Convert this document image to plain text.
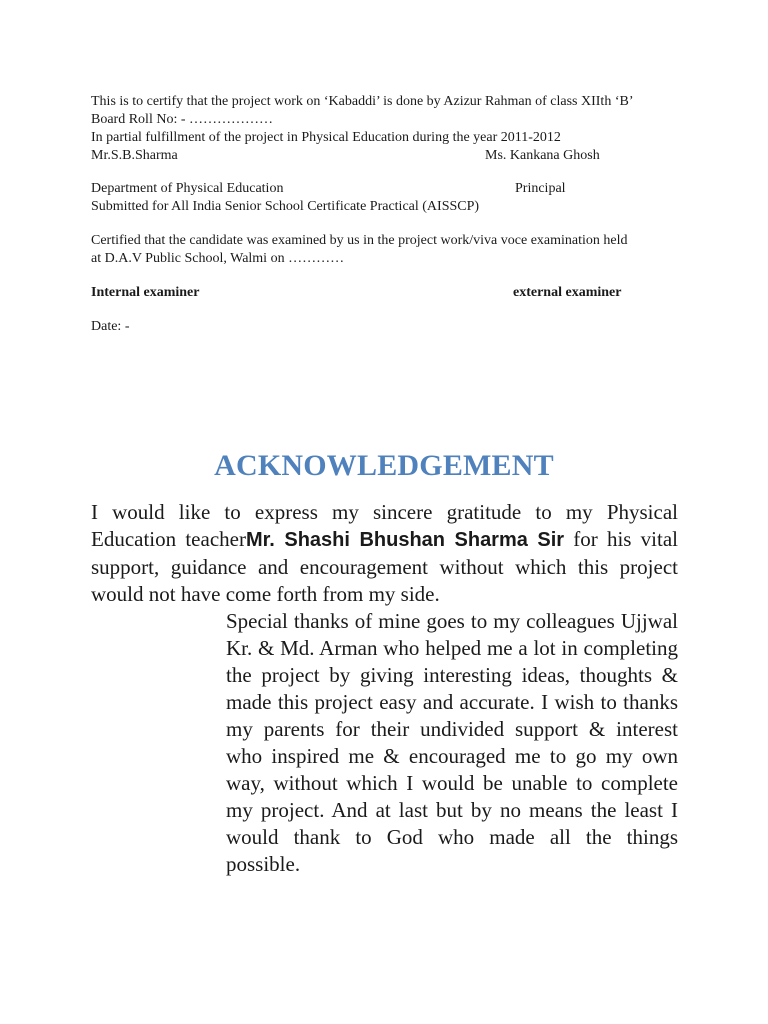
This is to certify that the project work on ‘Kabaddi’ is done by Azizur Rahman of class XIIth ‘B’
Board Roll No: - ………………
In partial fulfillment of the project in Physical Education during the year 2011-2012
Mr.S.B.Sharma	Ms. Kankana Ghosh
Department of Physical Education	Principal
Submitted for All India Senior School Certificate Practical (AISSCP)
Certified that the candidate was examined by us in the project work/viva voce examination held
at D.A.V Public School, Walmi on …………
Internal examiner	external examiner
Date: -
ACKNOWLEDGEMENT

I would like to express my sincere gratitude to my Physical Education teacherMr. Shashi Bhushan Sharma Sir for his vital support, guidance and encouragement without which this project would not have come forth from my side.

Special thanks of mine goes to my colleagues Ujjwal Kr. & Md. Arman who helped me a lot in completing the project by giving interesting ideas, thoughts & made this project easy and accurate. I wish to thanks my parents for their undivided support & interest who inspired me & encouraged me to go my own way, without which I would be unable to complete my project. And at last but by no means the least I would thank to God who made all the things possible.
